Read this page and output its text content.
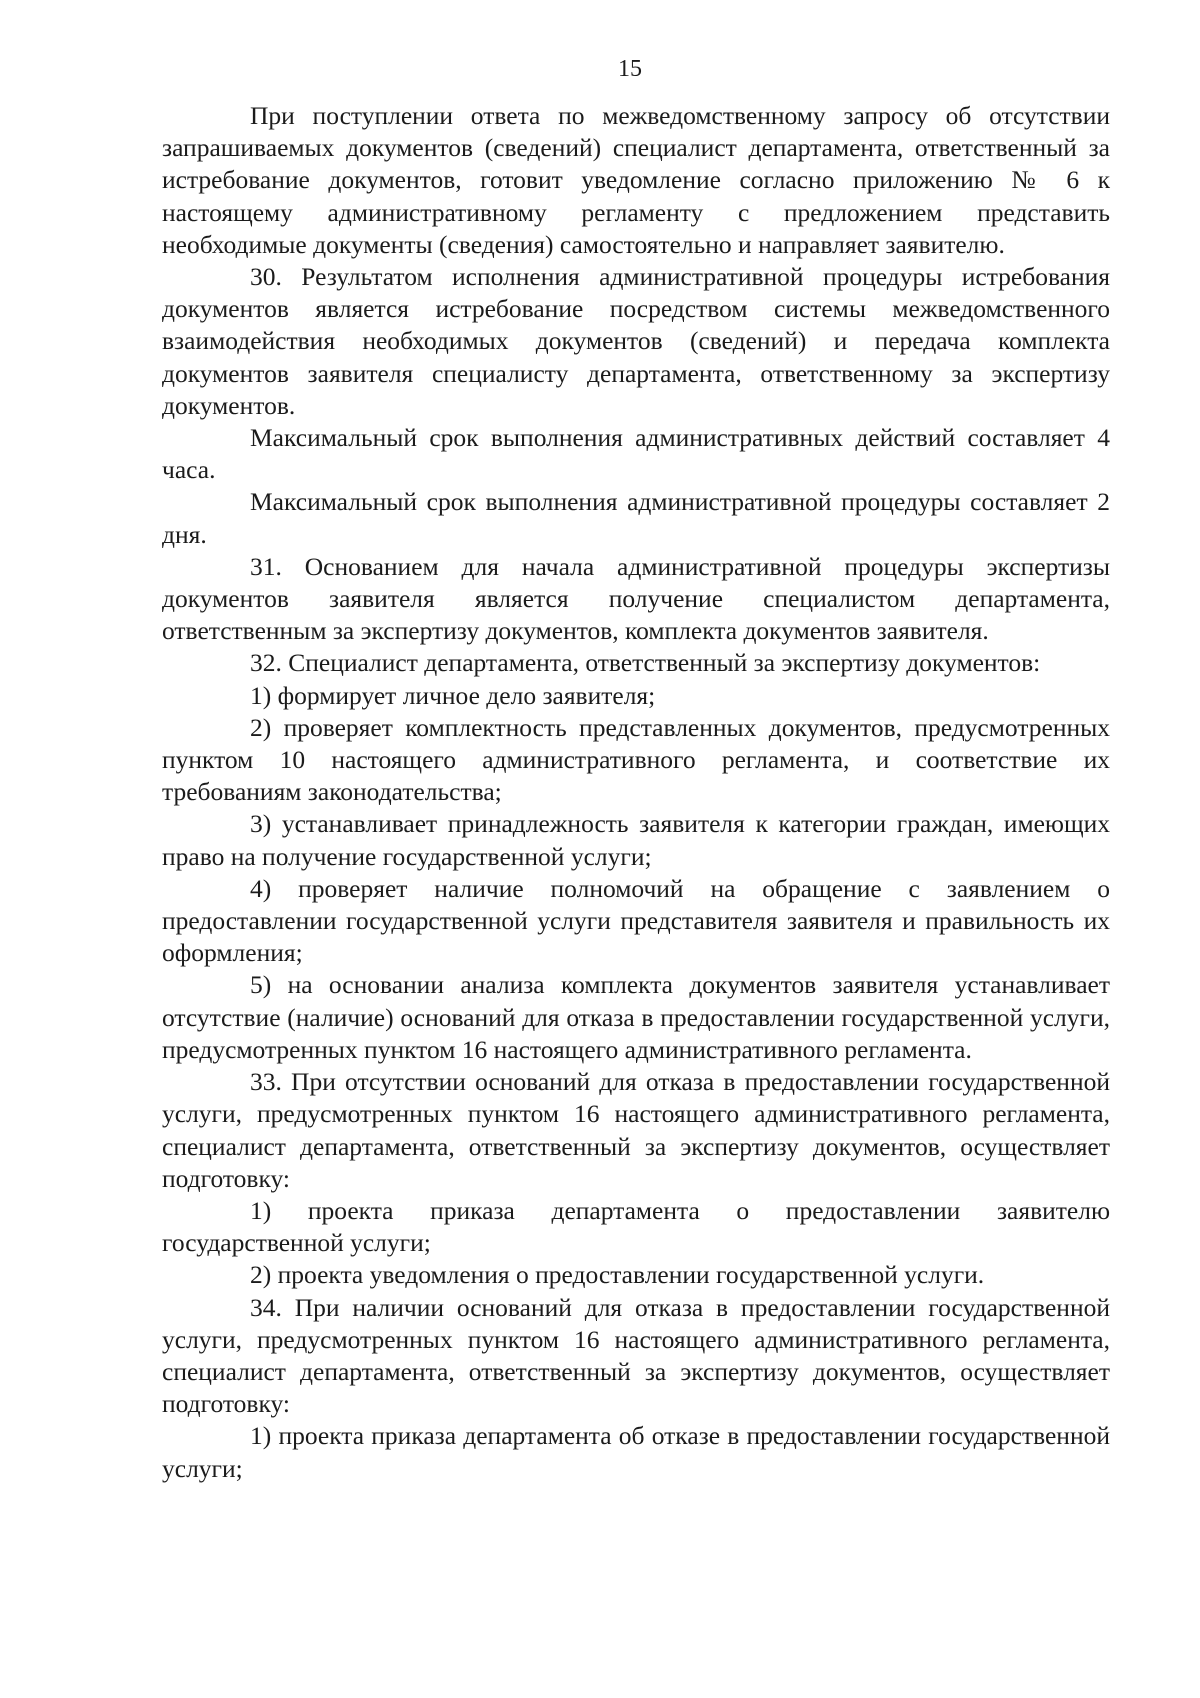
15

При поступлении ответа по межведомственному запросу об отсутствии запрашиваемых документов (сведений) специалист департамента, ответственный за истребование документов, готовит уведомление согласно приложению № 6 к настоящему административному регламенту с предложением представить необходимые документы (сведения) самостоятельно и направляет заявителю.

30. Результатом исполнения административной процедуры истребования документов является истребование посредством системы межведомственного взаимодействия необходимых документов (сведений) и передача комплекта документов заявителя специалисту департамента, ответственному за экспертизу документов.

Максимальный срок выполнения административных действий составляет 4 часа.

Максимальный срок выполнения административной процедуры составляет 2 дня.

31. Основанием для начала административной процедуры экспертизы документов заявителя является получение специалистом департамента, ответственным за экспертизу документов, комплекта документов заявителя.

32. Специалист департамента, ответственный за экспертизу документов:

1) формирует личное дело заявителя;

2) проверяет комплектность представленных документов, предусмотренных пунктом 10 настоящего административного регламента, и соответствие их требованиям законодательства;

3) устанавливает принадлежность заявителя к категории граждан, имеющих право на получение государственной услуги;

4) проверяет наличие полномочий на обращение с заявлением о предоставлении государственной услуги представителя заявителя и правильность их оформления;

5) на основании анализа комплекта документов заявителя устанавливает отсутствие (наличие) оснований для отказа в предоставлении государственной услуги, предусмотренных пунктом 16 настоящего административного регламента.

33. При отсутствии оснований для отказа в предоставлении государственной услуги, предусмотренных пунктом 16 настоящего административного регламента, специалист департамента, ответственный за экспертизу документов, осуществляет подготовку:

1) проекта приказа департамента о предоставлении заявителю государственной услуги;

2) проекта уведомления о предоставлении государственной услуги.

34. При наличии оснований для отказа в предоставлении государственной услуги, предусмотренных пунктом 16 настоящего административного регламента, специалист департамента, ответственный за экспертизу документов, осуществляет подготовку:

1) проекта приказа департамента об отказе в предоставлении государственной услуги;
